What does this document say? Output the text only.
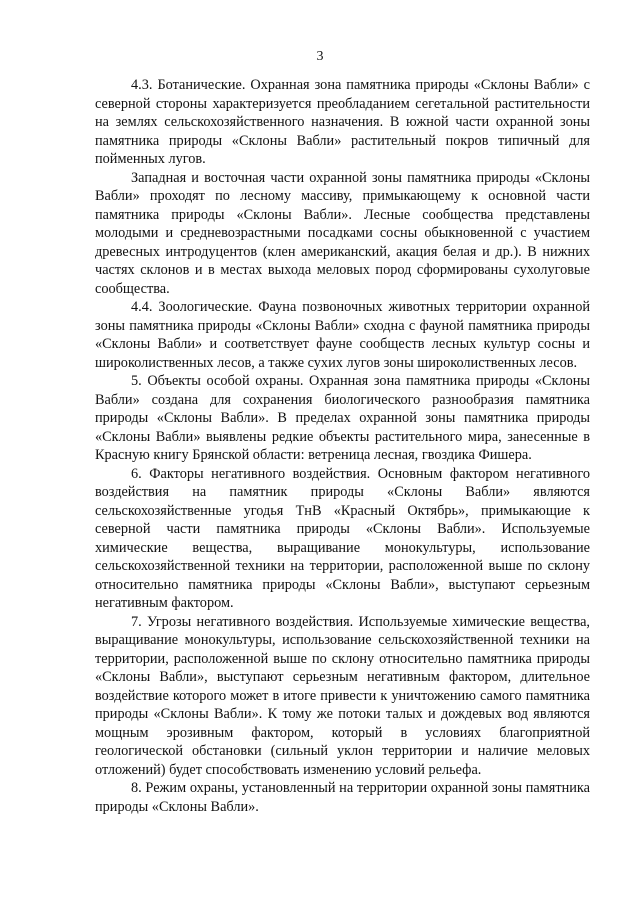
3

4.3. Ботанические. Охранная зона памятника природы «Склоны Вабли» с северной стороны характеризуется преобладанием сегетальной растительности на землях сельскохозяйственного назначения. В южной части охранной зоны памятника природы «Склоны Вабли» растительный покров типичный для пойменных лугов.

Западная и восточная части охранной зоны памятника природы «Склоны Вабли» проходят по лесному массиву, примыкающему к основной части памятника природы «Склоны Вабли». Лесные сообщества представлены молодыми и средневозрастными посадками сосны обыкновенной с участием древесных интродуцентов (клен американский, акация белая и др.). В нижних частях склонов и в местах выхода меловых пород сформированы сухолуговые сообщества.

4.4. Зоологические. Фауна позвоночных животных территории охранной зоны памятника природы «Склоны Вабли» сходна с фауной памятника природы «Склоны Вабли» и соответствует фауне сообществ лесных культур сосны и широколиственных лесов, а также сухих лугов зоны широколиственных лесов.

5. Объекты особой охраны. Охранная зона памятника природы «Склоны Вабли» создана для сохранения биологического разнообразия памятника природы «Склоны Вабли». В пределах охранной зоны памятника природы «Склоны Вабли» выявлены редкие объекты растительного мира, занесенные в Красную книгу Брянской области: ветреница лесная, гвоздика Фишера.

6. Факторы негативного воздействия. Основным фактором негативного воздействия на памятник природы «Склоны Вабли» являются сельскохозяйственные угодья ТнВ «Красный Октябрь», примыкающие к северной части памятника природы «Склоны Вабли». Используемые химические вещества, выращивание монокультуры, использование сельскохозяйственной техники на территории, расположенной выше по склону относительно памятника природы «Склоны Вабли», выступают серьезным негативным фактором.

7. Угрозы негативного воздействия. Используемые химические вещества, выращивание монокультуры, использование сельскохозяйственной техники на территории, расположенной выше по склону относительно памятника природы «Склоны Вабли», выступают серьезным негативным фактором, длительное воздействие которого может в итоге привести к уничтожению самого памятника природы «Склоны Вабли». К тому же потоки талых и дождевых вод являются мощным эрозивным фактором, который в условиях благоприятной геологической обстановки (сильный уклон территории и наличие меловых отложений) будет способствовать изменению условий рельефа.

8. Режим охраны, установленный на территории охранной зоны памятника природы «Склоны Вабли».
